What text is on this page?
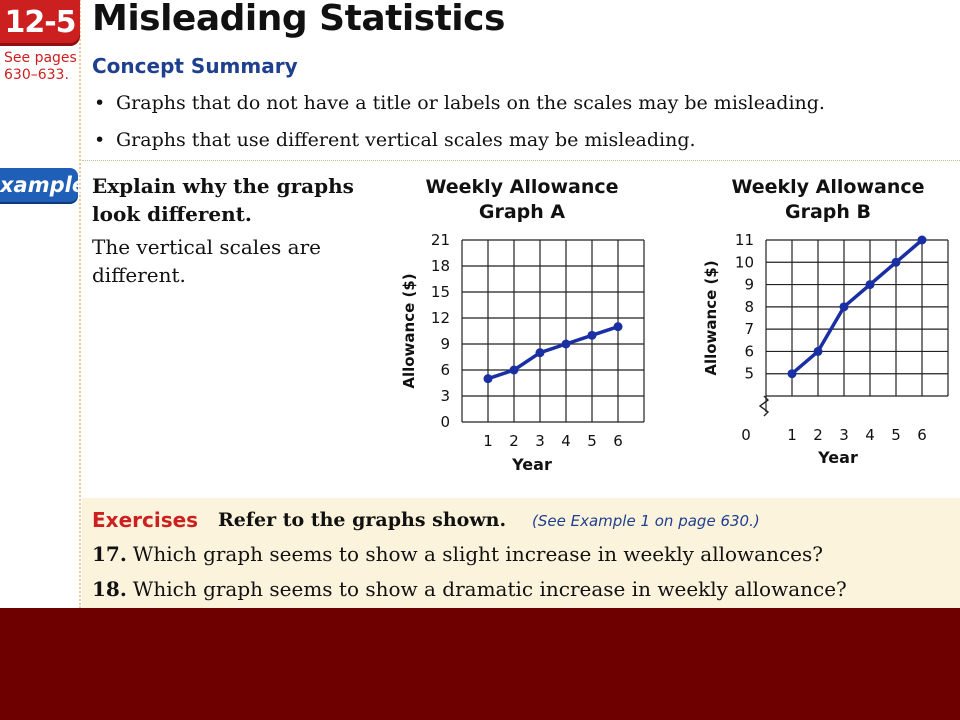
12-5 Misleading Statistics
See pages 630–633.	Concept Summary
• Graphs that do not have a title or labels on the scales may be misleading.
• Graphs that use different vertical scales may be misleading.
xample Explain why the graphs look different.
The vertical scales are different.
Weekly Allowance
Graph A
0
3
6
9
12
15
18
21
1 2 3 4 5 6
Year
Allowance ($)
Weekly Allowance
Graph B
5
6
7
8
9
10
11
0 1 2 3 4 5 6
Year
Allowance ($)
Exercises Refer to the graphs shown. (See Example 1 on page 630.)
17. Which graph seems to show a slight increase in weekly allowances?
18. Which graph seems to show a dramatic increase in weekly allowance?
